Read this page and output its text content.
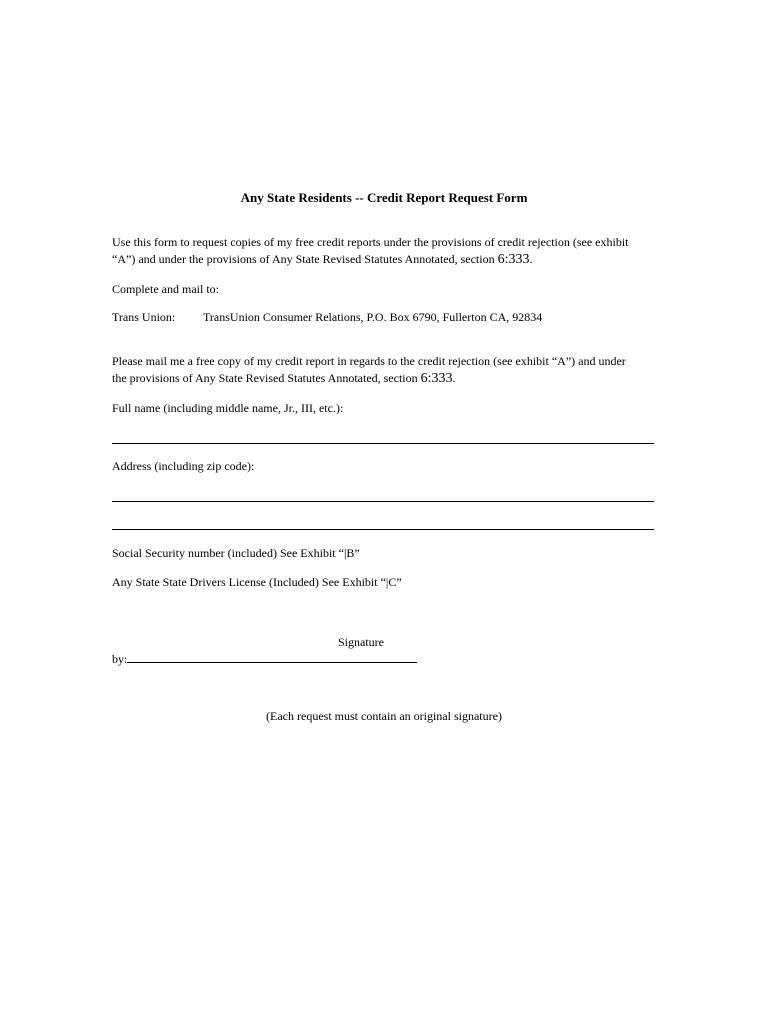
Any State Residents -- Credit Report Request Form
Use this form to request copies of my free credit reports under the provisions of credit rejection (see exhibit
“A”) and under the provisions of Any State Revised Statutes Annotated, section 6:333.
Complete and mail to:
Trans Union: TransUnion Consumer Relations, P.O. Box 6790, Fullerton CA, 92834
Please mail me a free copy of my credit report in regards to the credit rejection (see exhibit “A”) and under
the provisions of Any State Revised Statutes Annotated, section 6:333.
Full name (including middle name, Jr., III, etc.):
Address (including zip code):
Social Security number (included) See Exhibit “|B”
Any State State Drivers License (Included) See Exhibit “|C”
Signature
by:
(Each request must contain an original signature)
